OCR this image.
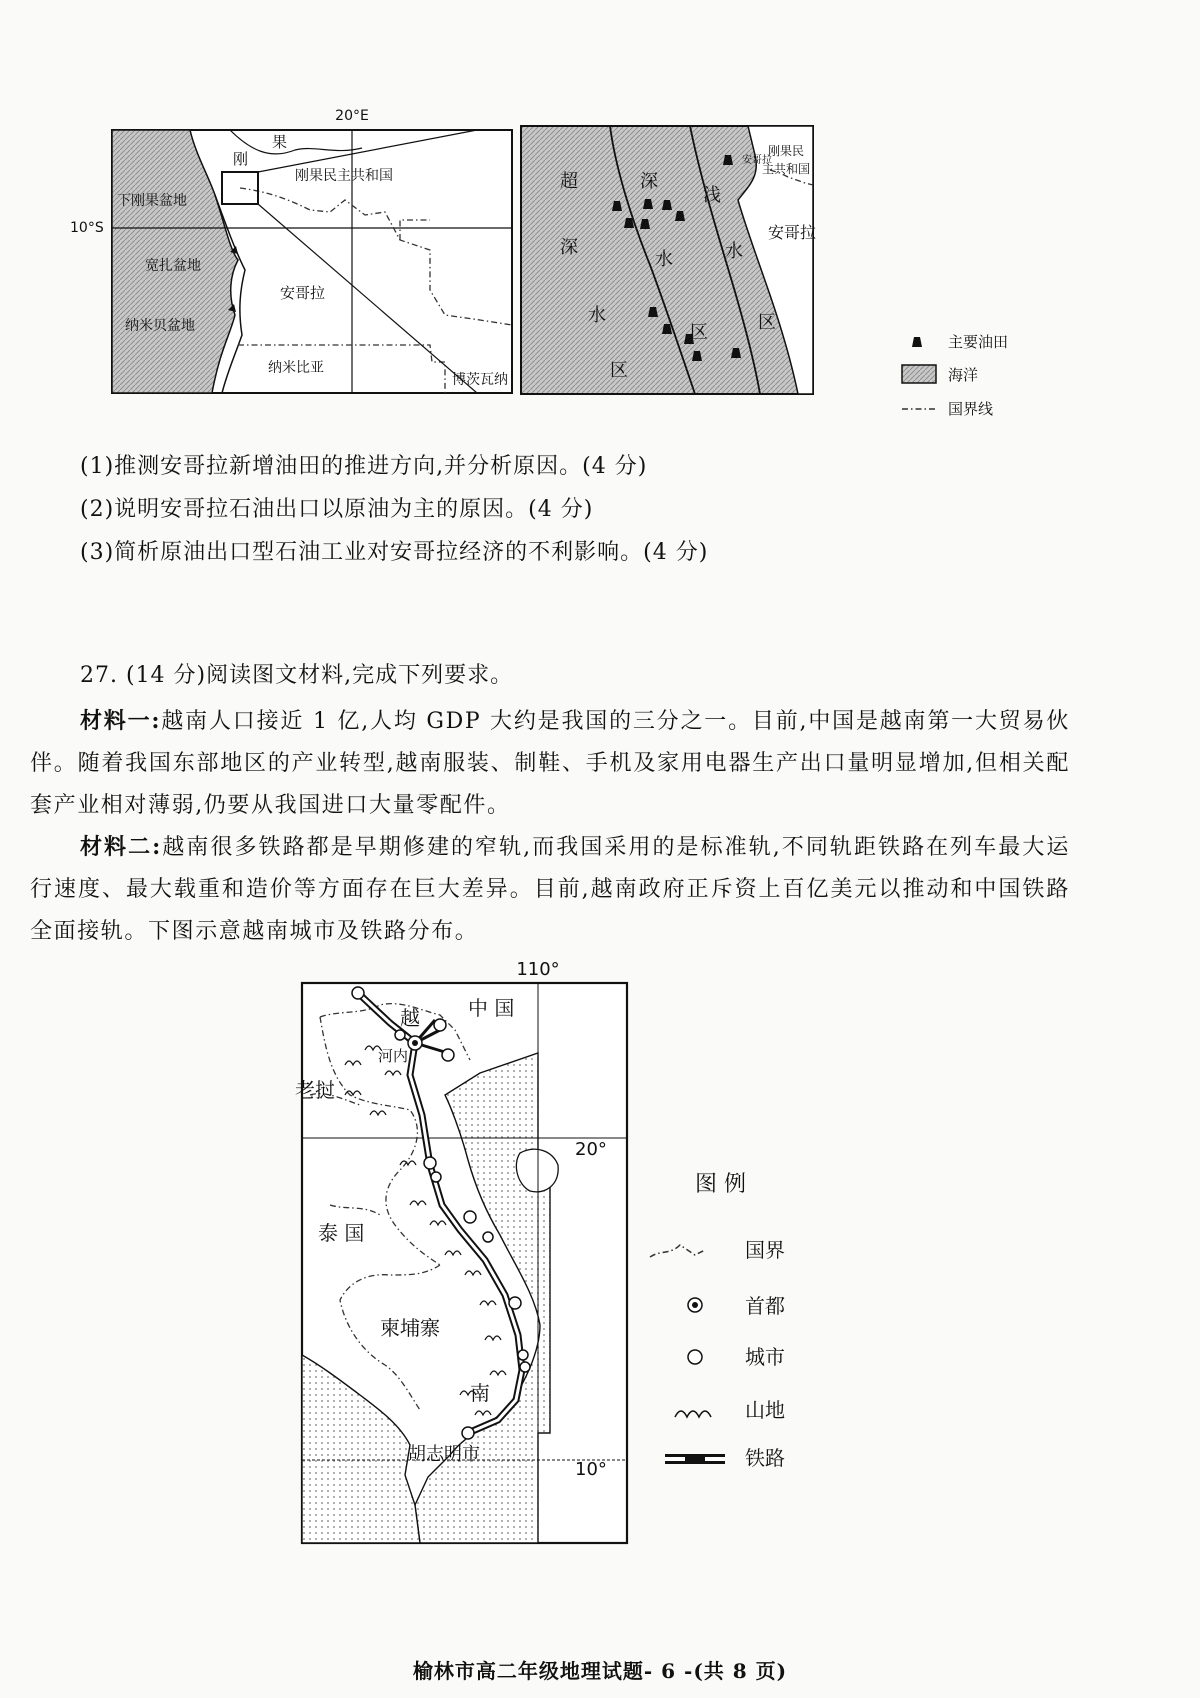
20°E
10°S
果
刚
刚果民主共和国
下刚果盆地
宽扎盆地
安哥拉
纳米贝盆地
纳米比亚
博茨瓦纳
超
深
水
区
深
水
区
浅
水
区
安哥拉
刚果民
主共和国
安哥拉
主要油田
海洋
国界线
(1)推测安哥拉新增油田的推进方向,并分析原因。(4 分)
(2)说明安哥拉石油出口以原油为主的原因。(4 分)
(3)简析原油出口型石油工业对安哥拉经济的不利影响。(4 分)
27. (14 分)阅读图文材料,完成下列要求。
材料一:越南人口接近 1 亿,人均 GDP 大约是我国的三分之一。目前,中国是越南第一大贸易伙伴。随着我国东部地区的产业转型,越南服装、制鞋、手机及家用电器生产出口量明显增加,但相关配套产业相对薄弱,仍要从我国进口大量零配件。
材料二:越南很多铁路都是早期修建的窄轨,而我国采用的是标准轨,不同轨距铁路在列车最大运行速度、最大载重和造价等方面存在巨大差异。目前,越南政府正斥资上百亿美元以推动和中国铁路全面接轨。下图示意越南城市及铁路分布。
110°
20°
10°
越 中 国
河内
老挝
泰 国
柬埔寨
南
胡志明市
图 例
国界
首都
城市
山地
铁路
榆林市高二年级地理试题- 6 -(共 8 页)
